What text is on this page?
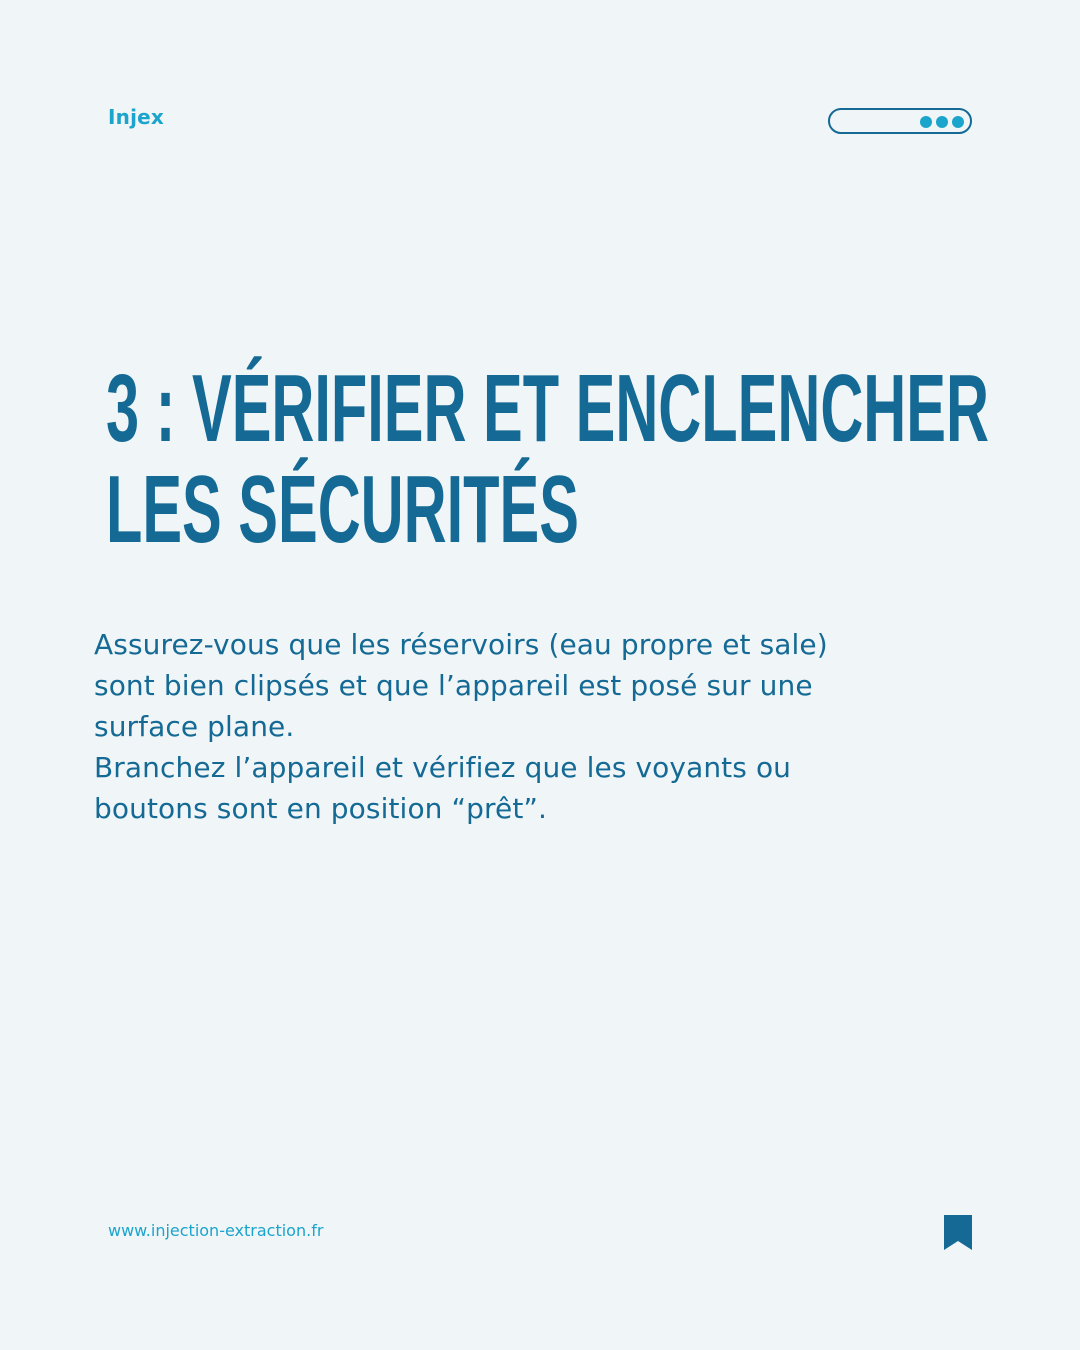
Injex
3 : VÉRIFIER ET ENCLENCHER
LES SÉCURITÉS

Assurez-vous que les réservoirs (eau propre et sale)
sont bien clipsés et que l’appareil est posé sur une
surface plane.
Branchez l’appareil et vérifiez que les voyants ou
boutons sont en position “prêt”.

www.injection-extraction.fr
